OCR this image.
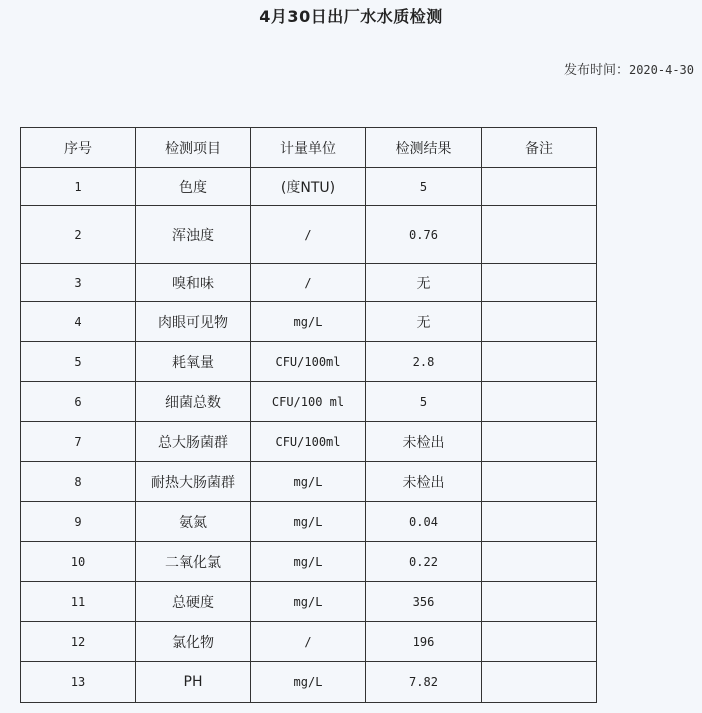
4月30日出厂水水质检测
发布时间：2020-4-30
序号	检测项目	计量单位	检测结果	备注
1	色度	(度NTU)	5	
2	浑浊度	/	0.76	
3	嗅和味	/	无	
4	肉眼可见物	mg/L	无	
5	耗氧量	CFU/100ml	2.8	
6	细菌总数	CFU/100 ml	5	
7	总大肠菌群	CFU/100ml	未检出	
8	耐热大肠菌群	mg/L	未检出	
9	氨氮	mg/L	0.04	
10	二氧化氯	mg/L	0.22	
11	总硬度	mg/L	356	
12	氯化物	/	196	
13	PH	mg/L	7.82	
